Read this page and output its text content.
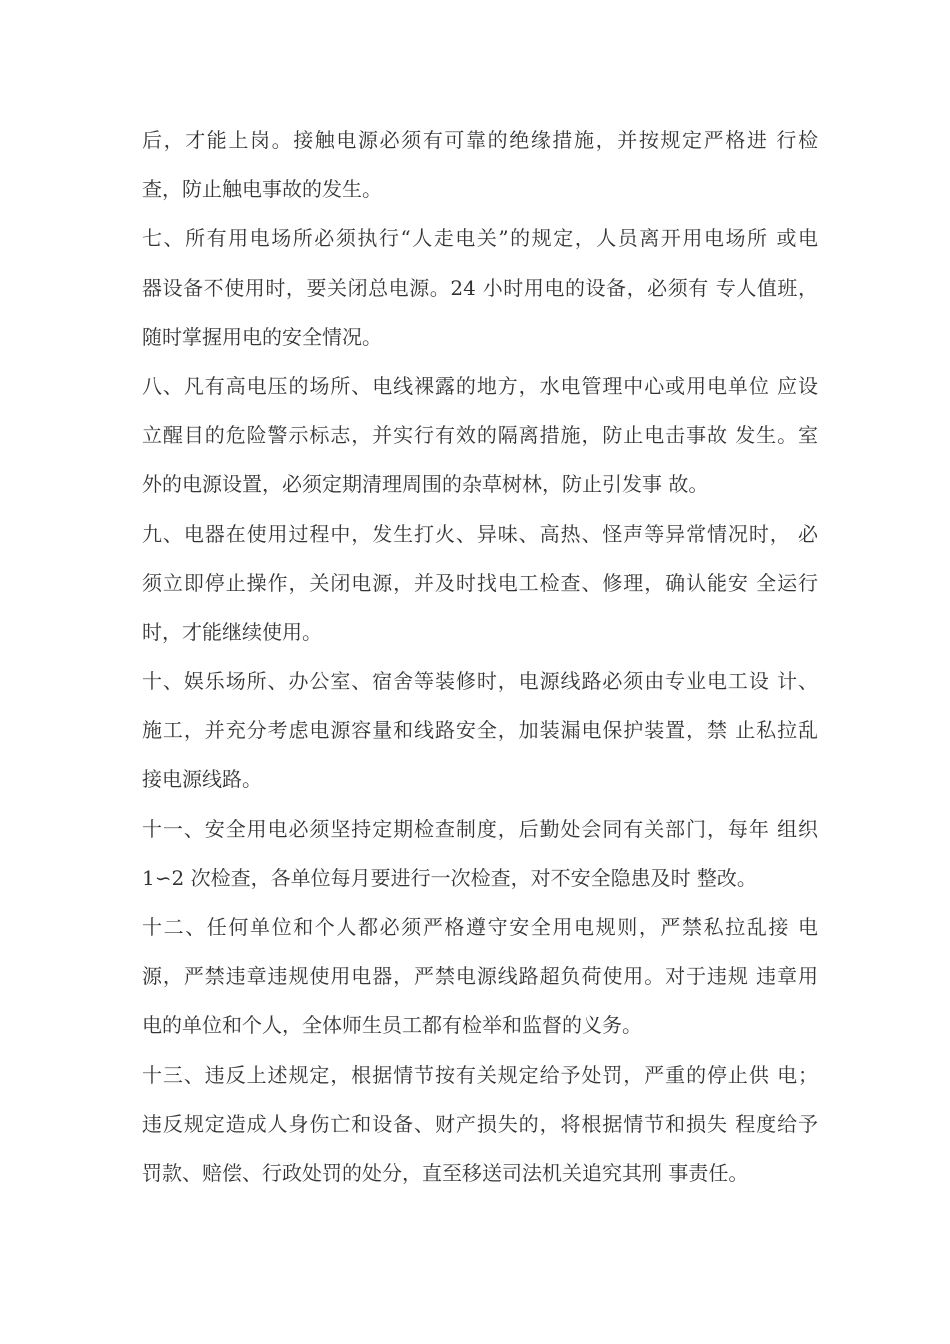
后，才能上岗。接触电源必须有可靠的绝缘措施，并按规定严格进 行检
查，防止触电事故的发生。
七、所有用电场所必须执行“人走电关”的规定，人员离开用电场所 或电
器设备不使用时，要关闭总电源。24 小时用电的设备，必须有 专人值班，
随时掌握用电的安全情况。
八、凡有高电压的场所、电线裸露的地方，水电管理中心或用电单位 应设
立醒目的危险警示标志，并实行有效的隔离措施，防止电击事故 发生。室
外的电源设置，必须定期清理周围的杂草树林，防止引发事 故。
九、电器在使用过程中，发生打火、异味、高热、怪声等异常情况时， 必
须立即停止操作，关闭电源，并及时找电工检查、修理，确认能安 全运行
时，才能继续使用。
十、娱乐场所、办公室、宿舍等装修时，电源线路必须由专业电工设 计、
施工，并充分考虑电源容量和线路安全，加装漏电保护装置，禁 止私拉乱
接电源线路。
十一、安全用电必须坚持定期检查制度，后勤处会同有关部门，每年 组织
1∽2 次检查，各单位每月要进行一次检查，对不安全隐患及时 整改。
十二、任何单位和个人都必须严格遵守安全用电规则，严禁私拉乱接 电
源，严禁违章违规使用电器，严禁电源线路超负荷使用。对于违规 违章用
电的单位和个人，全体师生员工都有检举和监督的义务。
十三、违反上述规定，根据情节按有关规定给予处罚，严重的停止供 电；
违反规定造成人身伤亡和设备、财产损失的，将根据情节和损失 程度给予
罚款、赔偿、行政处罚的处分，直至移送司法机关追究其刑 事责任。
